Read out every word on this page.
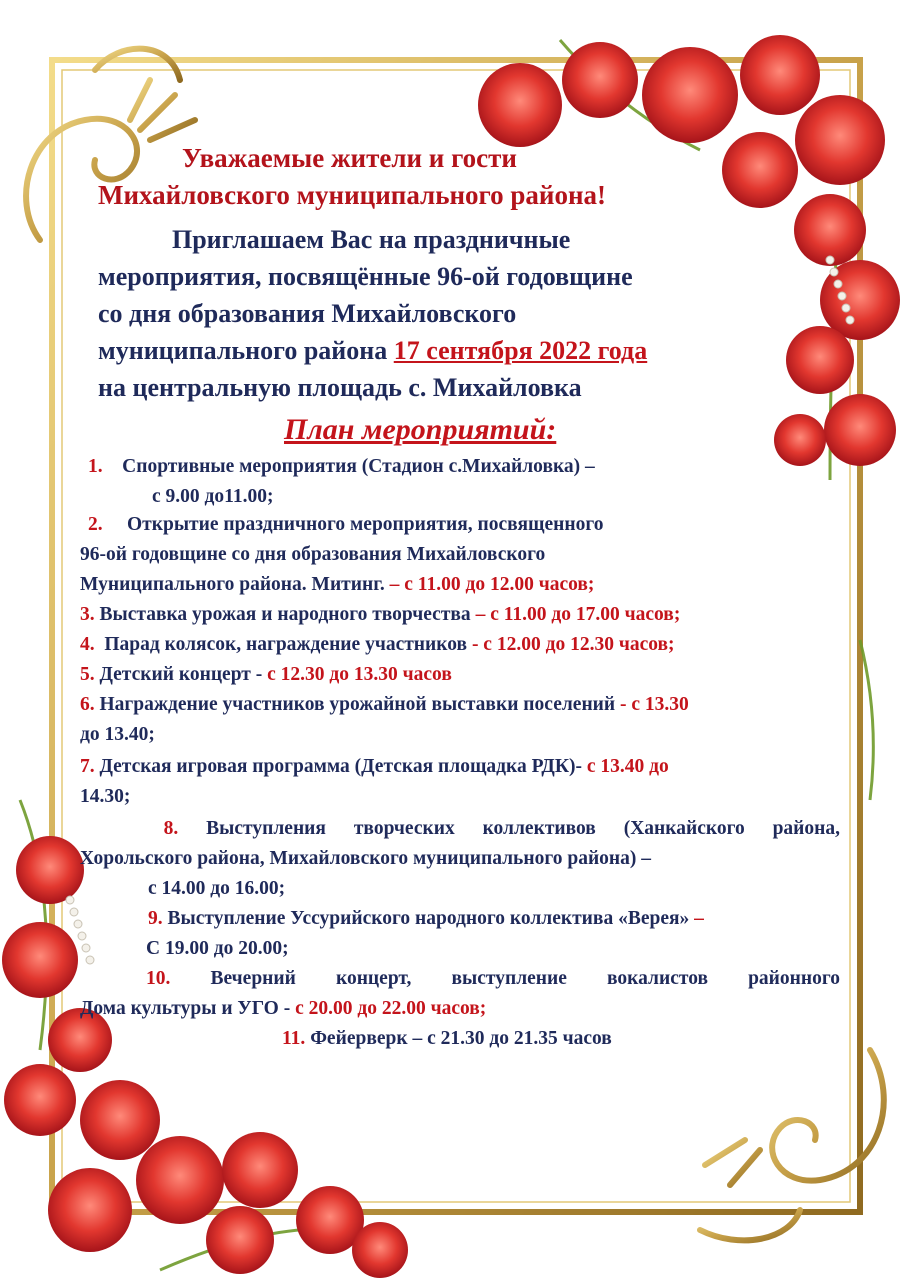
Уважаемые жители и гости
Михайловского муниципального района!
Приглашаем Вас на праздничные
мероприятия, посвящённые 96-ой годовщине
со дня образования Михайловского
муниципального района 17 сентября 2022 года
на центральную площадь с. Михайловка
План мероприятий:
1. Спортивные мероприятия (Стадион с.Михайловка) –
с 9.00 до11.00;
2. Открытие праздничного мероприятия, посвященного
96-ой годовщине со дня образования Михайловского
Муниципального района. Митинг. – с 11.00 до 12.00 часов;
3. Выставка урожая и народного творчества – с 11.00 до 17.00 часов;
4. Парад колясок, награждение участников - с 12.00 до 12.30 часов;
5. Детский концерт - с 12.30 до 13.30 часов
6. Награждение участников урожайной выставки поселений - с 13.30
до 13.40;
7. Детская игровая программа (Детская площадка РДК)- с 13.40 до
14.30;
8. Выступления творческих коллективов (Ханкайского района,
Хорольского района, Михайловского муниципального района) –
с 14.00 до 16.00;
9. Выступление Уссурийского народного коллектива «Верея» –
С 19.00 до 20.00;
10. Вечерний концерт, выступление вокалистов районного
Дома культуры и УГО - с 20.00 до 22.00 часов;
11. Фейерверк – с 21.30 до 21.35 часов
